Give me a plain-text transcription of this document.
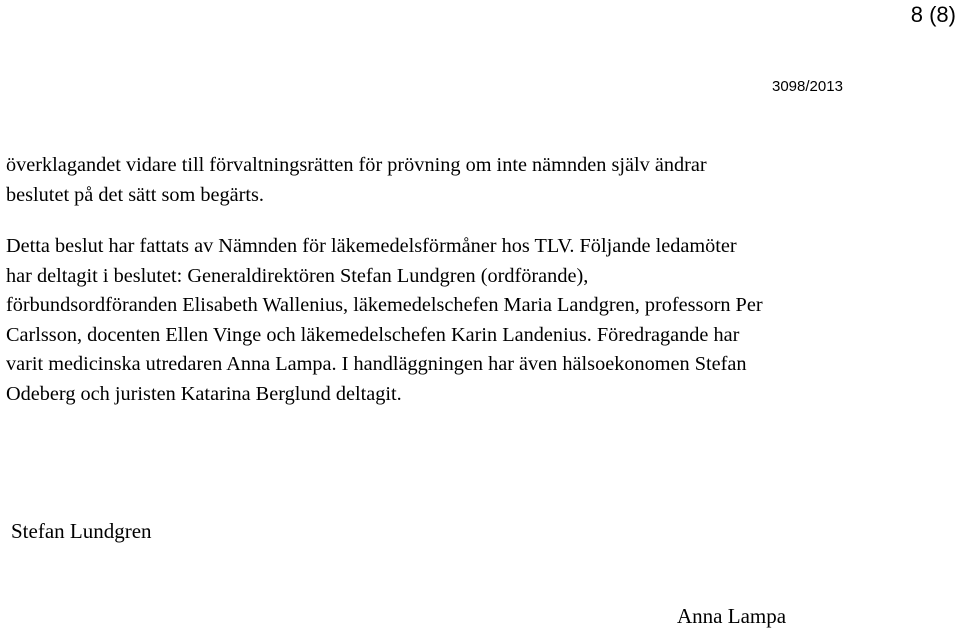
8 (8)
3098/2013

överklagandet vidare till förvaltningsrätten för prövning om inte nämnden själv ändrar
beslutet på det sätt som begärts.

Detta beslut har fattats av Nämnden för läkemedelsförmåner hos TLV. Följande ledamöter
har deltagit i beslutet: Generaldirektören Stefan Lundgren (ordförande),
förbundsordföranden Elisabeth Wallenius, läkemedelschefen Maria Landgren, professorn Per
Carlsson, docenten Ellen Vinge och läkemedelschefen Karin Landenius. Föredragande har
varit medicinska utredaren Anna Lampa. I handläggningen har även hälsoekonomen Stefan
Odeberg och juristen Katarina Berglund deltagit.

Stefan Lundgren
Anna Lampa
